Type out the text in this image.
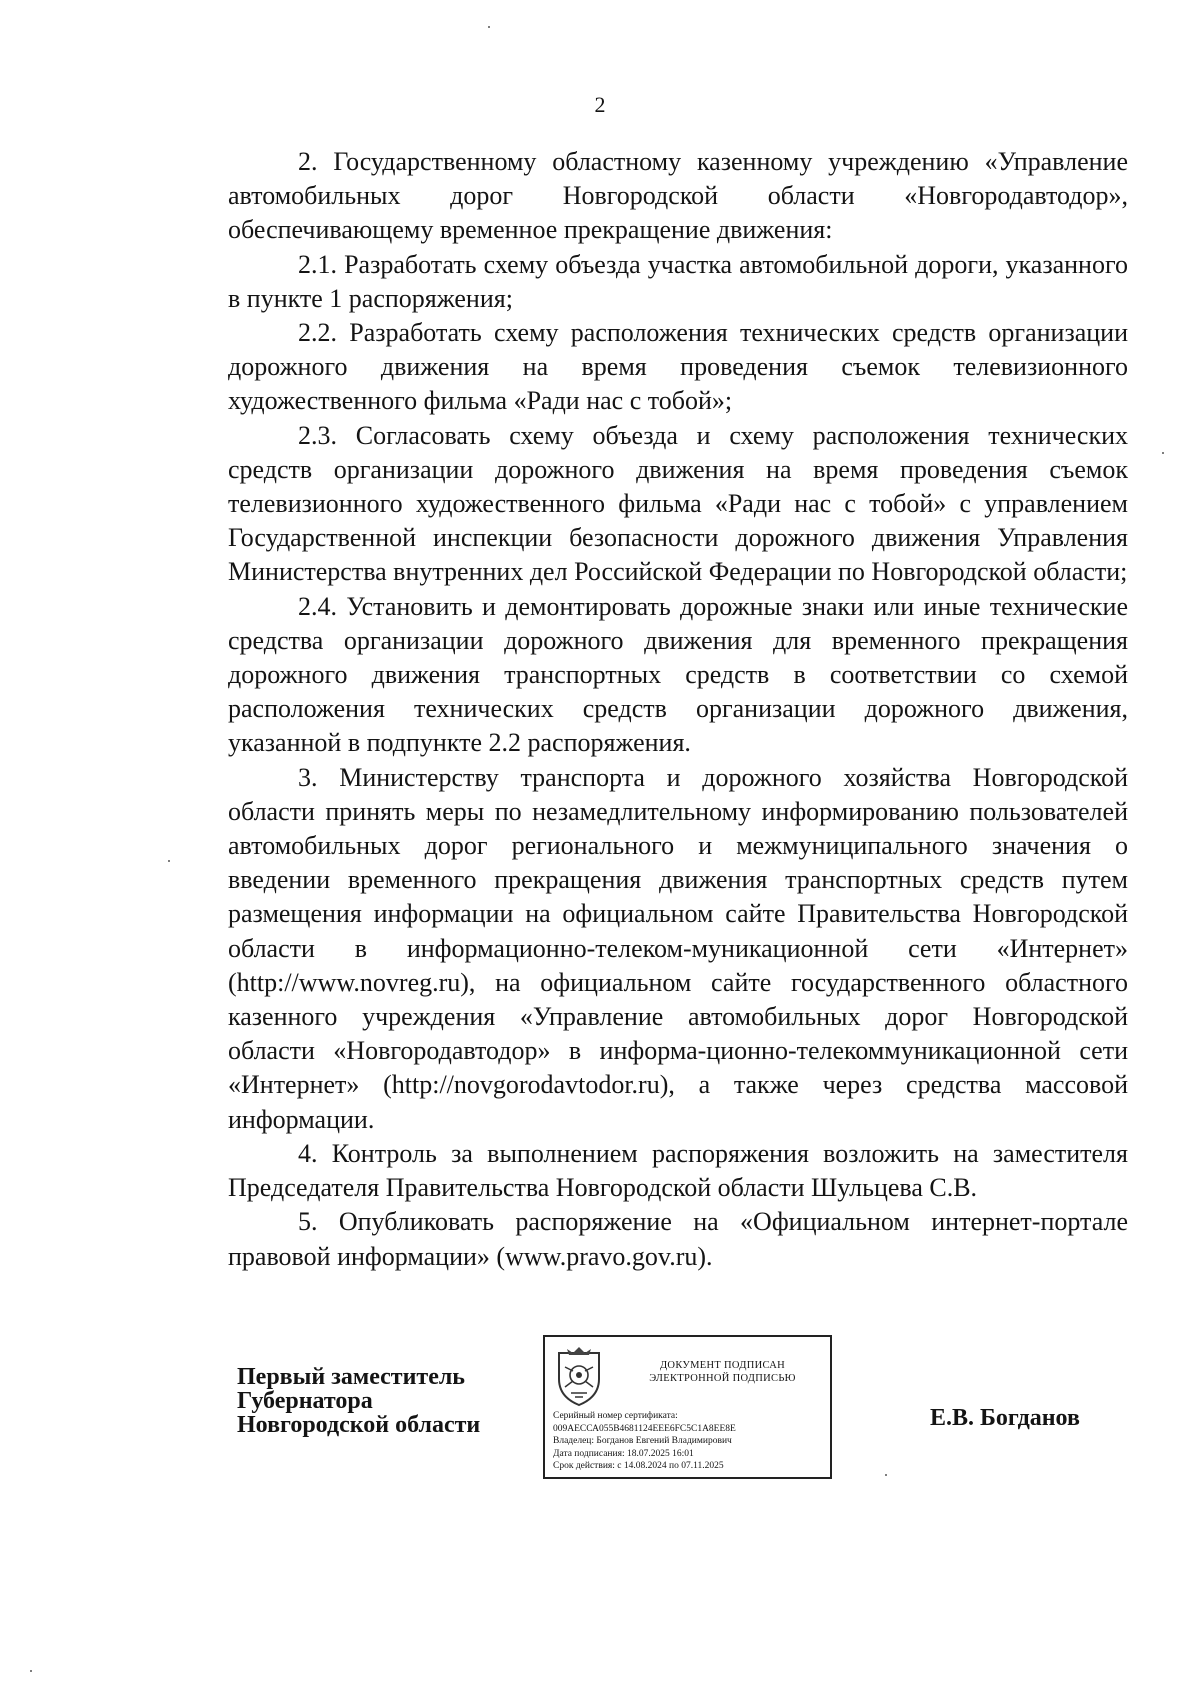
2

2. Государственному областному казенному учреждению «Управление автомобильных дорог Новгородской области «Новгородавтодор», обеспечивающему временное прекращение движения:

2.1. Разработать схему объезда участка автомобильной дороги, указанного в пункте 1 распоряжения;

2.2. Разработать схему расположения технических средств организации дорожного движения на время проведения съемок телевизионного художественного фильма «Ради нас с тобой»;

2.3. Согласовать схему объезда и схему расположения технических средств организации дорожного движения на время проведения съемок телевизионного художественного фильма «Ради нас с тобой» с управлением Государственной инспекции безопасности дорожного движения Управления Министерства внутренних дел Российской Федерации по Новгородской области;

2.4. Установить и демонтировать дорожные знаки или иные технические средства организации дорожного движения для временного прекращения дорожного движения транспортных средств в соответствии со схемой расположения технических средств организации дорожного движения, указанной в подпункте 2.2 распоряжения.

3. Министерству транспорта и дорожного хозяйства Новгородской области принять меры по незамедлительному информированию пользователей автомобильных дорог регионального и межмуниципального значения о введении временного прекращения движения транспортных средств путем размещения информации на официальном сайте Правительства Новгородской области в информационно-телеком-муникационной сети «Интернет» (http://www.novreg.ru), на официальном сайте государственного областного казенного учреждения «Управление автомобильных дорог Новгородской области «Новгородавтодор» в информа-ционно-телекоммуникационной сети «Интернет» (http://novgorodavtodor.ru), а также через средства массовой информации.

4. Контроль за выполнением распоряжения возложить на заместителя Председателя Правительства Новгородской области Шульцева С.В.

5. Опубликовать распоряжение на «Официальном интернет-портале правовой информации» (www.pravo.gov.ru).

Первый заместитель
Губернатора
Новгородской области
ДОКУМЕНТ ПОДПИСАН
ЭЛЕКТРОННОЙ ПОДПИСЬЮ
Серийный номер сертификата:
009АЕССА055В4681124ЕЕЕ6FC5C1A8EE8E
Владелец: Богданов Евгений Владимирович
Дата подписания: 18.07.2025 16:01
Срок действия: с 14.08.2024 по 07.11.2025
Е.В. Богданов
